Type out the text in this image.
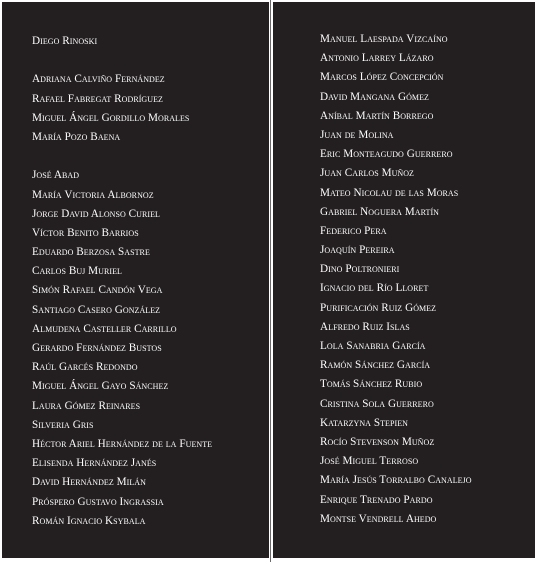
Diego Rinoski
Adriana Calviño Fernández
Rafael Fabregat Rodríguez
Miguel Ángel Gordillo Morales
María Pozo Baena
José Abad
María Victoria Albornoz
Jorge David Alonso Curiel
Víctor Benito Barrios
Eduardo Berzosa Sastre
Carlos Buj Muriel
Simón Rafael Candón Vega
Santiago Casero González
Almudena Casteller Carrillo
Gerardo Fernández Bustos
Raúl Garcés Redondo
Miguel Ángel Gayo Sánchez
Laura Gómez Reinares
Silveria Gris
Héctor Ariel Hernández de la Fuente
Elisenda Hernández Janés
David Hernández Milán
Próspero Gustavo Ingrassia
Román Ignacio Ksybala
Manuel Laespada Vizcaíno
Antonio Larrey Lázaro
Marcos López Concepción
David Mangana Gómez
Aníbal Martín Borrego
Juan de Molina
Eric Monteagudo Guerrero
Juan Carlos Muñoz
Mateo Nicolau de las Moras
Gabriel Noguera Martín
Federico Pera
Joaquín Pereira
Dino Poltronieri
Ignacio del Río Lloret
Purificación Ruiz Gómez
Alfredo Ruiz Islas
Lola Sanabria García
Ramón Sánchez García
Tomás Sánchez Rubio
Cristina Sola Guerrero
Katarzyna Stepien
Rocío Stevenson Muñoz
José Miguel Terroso
María Jesús Torralbo Canalejo
Enrique Trenado Pardo
Montse Vendrell Ahedo
